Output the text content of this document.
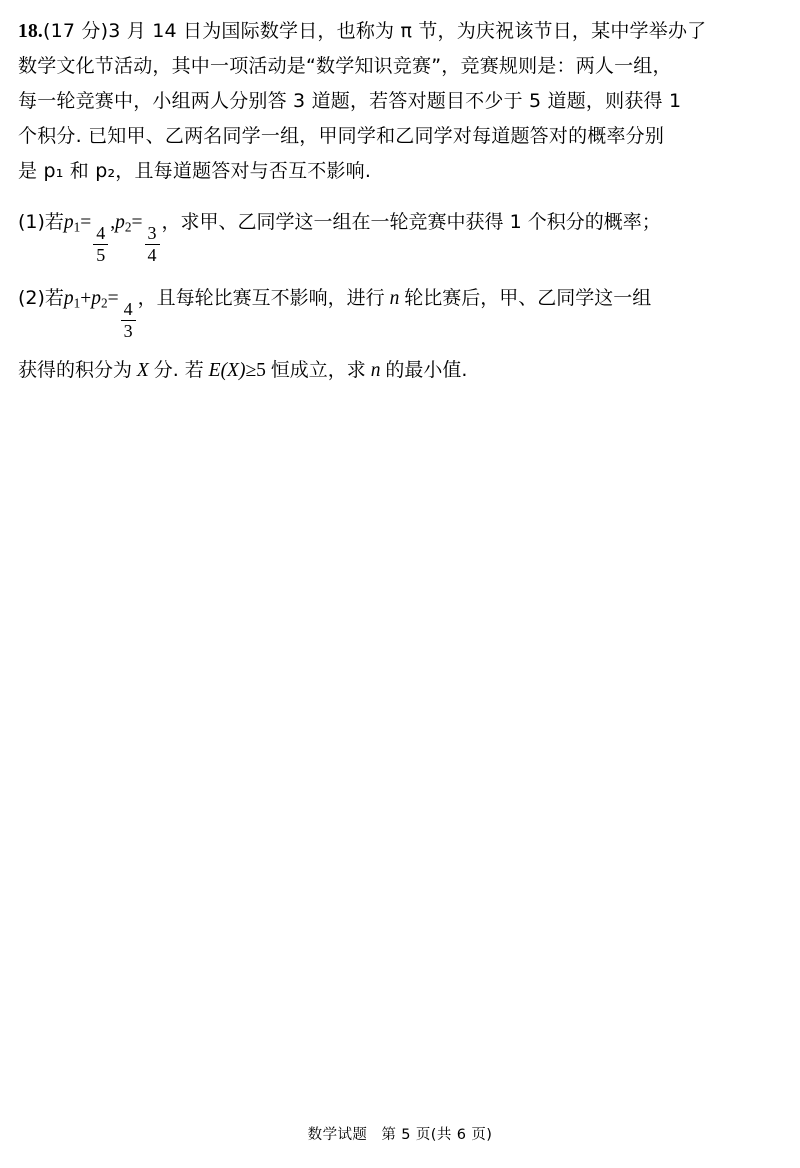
18.(17 分)3 月 14 日为国际数学日，也称为 π 节，为庆祝该节日，某中学举办了
数学文化节活动，其中一项活动是“数学知识竞赛”，竞赛规则是：两人一组，
每一轮竞赛中，小组两人分别答 3 道题，若答对题目不少于 5 道题，则获得 1
个积分. 已知甲、乙两名同学一组，甲同学和乙同学对每道题答对的概率分别
是 p₁ 和 p₂，且每道题答对与否互不影响.
(1)若$p_1=$
$\frac{4}{5}$
$,p_2=$
$\frac{3}{4}$
，求甲、乙同学这一组在一轮竞赛中获得 1 个积分的概率；
(2)若$p_1+p_2=$
$\frac{4}{3}$
，且每轮比赛互不影响，进行 n 轮比赛后，甲、乙同学这一组
获得的积分为 X 分. 若 E(X)≥5 恒成立，求 n 的最小值.
数学试题 第 5 页(共 6 页)
